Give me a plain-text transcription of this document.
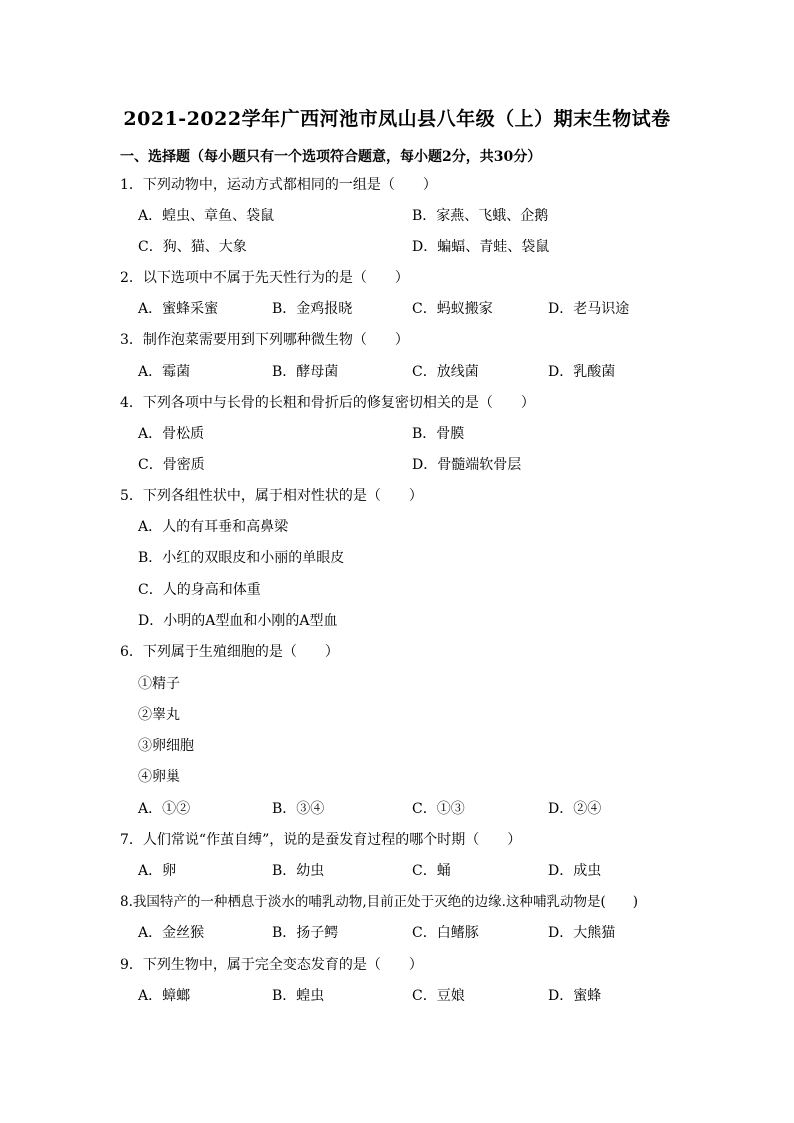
2021-2022学年广西河池市凤山县八年级（上）期末生物试卷
一、选择题（每小题只有一个选项符合题意，每小题2分，共30分）
1．下列动物中，运动方式都相同的一组是（　　）
A．蝗虫、章鱼、袋鼠	B．家燕、飞蛾、企鹅
C．狗、猫、大象	D．蝙蝠、青蛙、袋鼠
2．以下选项中不属于先天性行为的是（　　）
A．蜜蜂采蜜	B．金鸡报晓	C．蚂蚁搬家	D．老马识途
3．制作泡菜需要用到下列哪种微生物（　　）
A．霉菌	B．酵母菌	C．放线菌	D．乳酸菌
4．下列各项中与长骨的长粗和骨折后的修复密切相关的是（　　）
A．骨松质	B．骨膜
C．骨密质	D．骨髓端软骨层
5．下列各组性状中，属于相对性状的是（　　）
A．人的有耳垂和高鼻梁
B．小红的双眼皮和小丽的单眼皮
C．人的身高和体重
D．小明的A型血和小刚的A型血
6．下列属于生殖细胞的是（　　）
①精子
②睾丸
③卵细胞
④卵巢
A．①②	B．③④	C．①③	D．②④
7．人们常说“作茧自缚”，说的是蚕发育过程的哪个时期（　　）
A．卵	B．幼虫	C．蛹	D．成虫
8.我国特产的一种栖息于淡水的哺乳动物,目前正处于灭绝的边缘.这种哺乳动物是(　　)
A．金丝猴	B．扬子鳄	C．白鳍豚	D．大熊猫
9．下列生物中，属于完全变态发育的是（　　）
A．蟑螂	B．蝗虫	C．豆娘	D．蜜蜂
